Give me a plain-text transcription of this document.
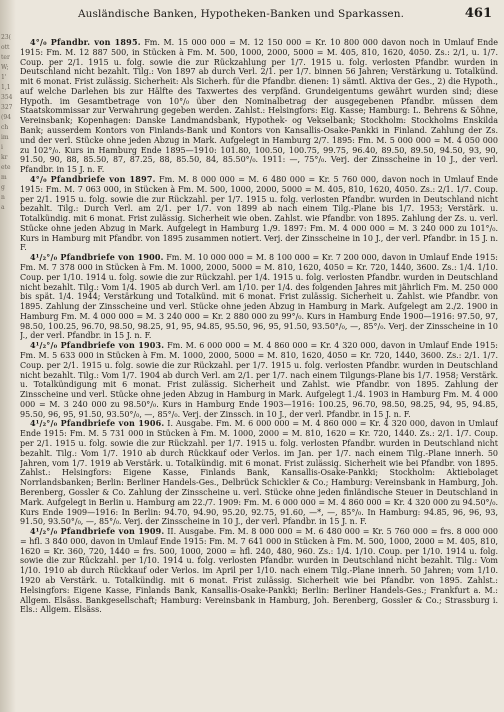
23(
ott
ter
W;
1'
1,1
354
327
(94
ch
im
i
kr
ete
m
g
n
a
Ausländische Banken, Hypotheken-Banken und Sparkassen.	461

4°/₀ Pfandbr. von 1895. Fm. M. 15 000 000 = M. 12 150 000 = Kr. 10 800 000 davon noch in Umlauf Ende 1915: Fm. M. 12 887 500, in Stücken à Fm. M. 500, 1000, 2000, 5000 = M. 405, 810, 1620, 4050. Zs.: 2/1, u. 1/7. Coup. per 2/1. 1915 u. folg. sowie die zur Rückzahlung per 1/7. 1915 u. folg. verlosten Pfandbr. wurden in Deutschland nicht bezahlt. Tilg.: Von 1897 ab durch Verl. 2/1. per 1/7. binnen 56 Jahren; Verstärkung u. Totalkünd. mit 6 monat. Frist zulässig. Sicherheit: Als Sicherh. für die Pfandbr. dienen: 1) sämtl. Aktiva der Ges., 2) die Hypoth., auf welche Darlehen bis zur Hälfte des Taxwertes des verpfänd. Grundeigentums gewährt wurden sind; diese Hypoth. im Gesamtbetrage von 10°/₀ über den Nominalbetrag der ausgegebenen Pfandbr. müssen dem Staatskommissar zur Verwahrung gegeben werden. Zahlst.: Helsingfors: Eig. Kasse; Hamburg: L. Behrens & Söhne, Vereinsbank; Kopenhagen: Danske Landmandsbank, Hypothek- og Vekselbank; Stockholm: Stockholms Enskilda Bank; ausserdem Kontors von Finlands-Bank und Kontors von Kansallis-Osake-Pankki in Finland. Zahlung der Zs. und der verl. Stücke ohne jeden Abzug in Mark. Aufgelegt in Hamburg 2/7. 1895: Fm. M. 5 000 000 = M. 4 050 000 zu 102°/₀. Kurs in Hamburg Ende 1895—1910: 101.80, 100.50, 100.75, 99.75, 96.40, 89.50, 89.50, 94.50, 93, 90, 91.50, 90, 88, 85.50, 87, 87.25, 88, 85.50, 84, 85.50°/₀. 1911: —, 75°/₀. Verj. der Zinsscheine in 10 J., der verl. Pfandbr. in 15 J. n. F.

4°/₀ Pfandbriefe von 1897. Fm. M. 8 000 000 = M. 6 480 000 = Kr. 5 760 000, davon noch in Umlauf Ende 1915: Fm. M. 7 063 000, in Stücken à Fm. M. 500, 1000, 2000, 5000 = M. 405, 810, 1620, 4050. Zs.: 2/1. 1/7. Coup. per 2/1. 1915 u. folg. sowie die zur Rückzahl. per 1/7. 1915 u. folg. verlosten Pfandbr. wurden in Deutschland nicht bezahlt. Tilg.: Durch Verl. am 2/1. per 1/7. von 1899 ab nach einem Tilg.-Plane bis 1/7. 1953; Verstärk. u. Totalkündig. mit 6 monat. Frist zulässig. Sicherheit wie oben. Zahlst. wie Pfandbr. von 1895. Zahlung der Zs. u. verl. Stücke ohne jeden Abzug in Mark. Aufgelegt in Hamburg 1./9. 1897: Fm. M. 4 000 000 = M. 3 240 000 zu 101°/₀. Kurs in Hamburg mit Pfandbr. von 1895 zusammen notiert. Verj. der Zinsscheine in 10 J., der verl. Pfandbr. in 15 J. n. F.

4¹/₂°/₀ Pfandbriefe von 1900. Fm. M. 10 000 000 = M. 8 100 000 = Kr. 7 200 000, davon in Umlauf Ende 1915: Fm. M. 7 378 000 in Stücken à Fm. M. 1000, 2000, 5000 = M. 810, 1620, 4050 = Kr. 720, 1440, 3600. Zs.: 1/4. 1/10. Coup. per 1/10. 1914 u. folg. sowie die zur Rückzahl. per 1/4. 1915 u. folg. verlosten Pfandbr. wurden in Deutschland nicht bezahlt. Tilg.: Vom 1/4. 1905 ab durch Verl. am 1/10. per 1/4. des folgenden Jahres mit jährlich Fm. M. 250 000 bis spät. 1/4. 1944; Verstärkung und Totalkünd. mit 6 monat. Frist zulässig. Sicherheit u. Zahlst. wie Pfandbr. von 1895. Zahlung der Zinsscheine und verl. Stücke ohne jeden Abzug in Hamburg in Mark. Aufgelegt am 2./2. 1900 in Hamburg Fm. M. 4 000 000 = M. 3 240 000 = Kr. 2 880 000 zu 99°/₀. Kurs in Hamburg Ende 1900—1916: 97.50, 97, 98.50, 100.25, 96.70, 98.50, 98.25, 91, 95, 94.85, 95.50, 96, 95, 91.50, 93.50°/₀, —, 85°/₀. Verj. der Zinsscheine in 10 J., der verl. Pfandbr. in 15 J. n. F.

4¹/₂°/₀ Pfandbriefe von 1903. Fm. M. 6 000 000 = M. 4 860 000 = Kr. 4 320 000, davon in Umlauf Ende 1915: Fm. M. 5 633 000 in Stücken à Fm. M. 1000, 2000, 5000 = M. 810, 1620, 4050 = Kr. 720, 1440, 3600. Zs.: 2/1. 1/7. Coup. per 2/1. 1915 u. folg. sowie die zur Rückzahl. per 1/7. 1915 u. folg. verlosten Pfandbr. wurden in Deutschland nicht bezahlt. Tilg.: Vom 1/7. 1904 ab durch Verl. am 2/1. per 1/7. nach einem Tilgungs-Plane bis 1/7. 1958; Verstärk. u. Totalkündigung mit 6 monat. Frist zulässig. Sicherheit und Zahlst. wie Pfandbr. von 1895. Zahlung der Zinsscheine und verl. Stücke ohne jeden Abzug in Hamburg in Mark. Aufgelegt 1./4. 1903 in Hamburg Fm. M. 4 000 000 = M. 3 240 000 zu 98.50°/₀. Kurs in Hamburg Ende 1903—1916: 100.25, 96.70, 98.50, 98.25, 94, 95, 94.85, 95.50, 96, 95, 91.50, 93.50°/₀, —, 85°/₀. Verj. der Zinssch. in 10 J., der verl. Pfandbr. in 15 J. n. F.

4¹/₂°/₀ Pfandbriefe von 1906. I. Ausgabe. Fm. M. 6 000 000 = M. 4 860 000 = Kr. 4 320 000, davon in Umlauf Ende 1915: Fm. M. 5 731 000 in Stücken à Fm. M. 1000, 2000 = M. 810, 1620 = Kr. 720, 1440. Zs.: 2/1. 1/7. Coup. per 2/1. 1915 u. folg. sowie die zur Rückzahl. per 1/7. 1915 u. folg. verlosten Pfandbr. wurden in Deutschland nicht bezahlt. Tilg.: Vom 1/7. 1910 ab durch Rückkauf oder Verlos. im Jan. per 1/7. nach einem Tilg.-Plane innerh. 50 Jahren, vom 1/7. 1919 ab Verstärk. u. Totalkündig. mit 6 monat. Frist zulässig. Sicherheit wie bei Pfandbr. von 1895. Zahlst.: Helsingfors: Eigene Kasse, Finlands Bank, Kansallis-Osake-Pankki; Stockholm: Aktiebolaget Norrlandsbanken; Berlin: Berliner Handels-Ges., Delbrück Schickler & Co.; Hamburg: Vereinsbank in Hamburg, Joh. Berenberg, Gossler & Co. Zahlung der Zinsscheine u. verl. Stücke ohne jeden finländische Steuer in Deutschland in Mark. Aufgelegt in Berlin u. Hamburg am 22./7. 1909: Fm. M. 6 000 000 = M. 4 860 000 = Kr. 4 320 000 zu 94.50°/₀. Kurs Ende 1909—1916: In Berlin: 94.70, 94.90, 95.20, 92.75, 91.60, —*, —, 85°/₀. In Hamburg: 94.85, 96, 96, 93, 91.50, 93.50°/₀, —, 85°/₀. Verj. der Zinsscheine in 10 J., der verl. Pfandbr. in 15 J. n. F.

4¹/₂°/₀ Pfandbriefe von 1909. II. Ausgabe. Fm. M. 8 000 000 = M. 6 480 000 = Kr. 5 760 000 = frs. 8 000 000 = hfl. 3 840 000, davon in Umlauf Ende 1915: Fm. M. 7 641 000 in Stücken à Fm. M. 500, 1000, 2000 = M. 405, 810, 1620 = Kr. 360, 720, 1440 = frs. 500, 1000, 2000 = hfl. 240, 480, 960. Zs.: 1/4. 1/10. Coup. per 1/10. 1914 u. folg. sowie die zur Rückzahl. per 1/10. 1914 u. folg. verlosten Pfandbr. wurden in Deutschland nicht bezahlt. Tilg.: Vom 1/10. 1910 ab durch Rückkauf oder Verlos. im April per 1/10. nach einem Tilg.-Plane innerh. 50 Jahren; vom 1/10. 1920 ab Verstärk. u. Totalkündig. mit 6 monat. Frist zulässig. Sicherheit wie bei Pfandbr. von 1895. Zahlst.: Helsingfors: Eigene Kasse, Finlands Bank, Kansallis-Osake-Pankki; Berlin: Berliner Handels-Ges.; Frankfurt a. M.: Allgem. Elsäss. Bankgesellschaft; Hamburg: Vereinsbank in Hamburg, Joh. Berenberg, Gossler & Co.; Strassburg i. Els.: Allgem. Elsäss.
